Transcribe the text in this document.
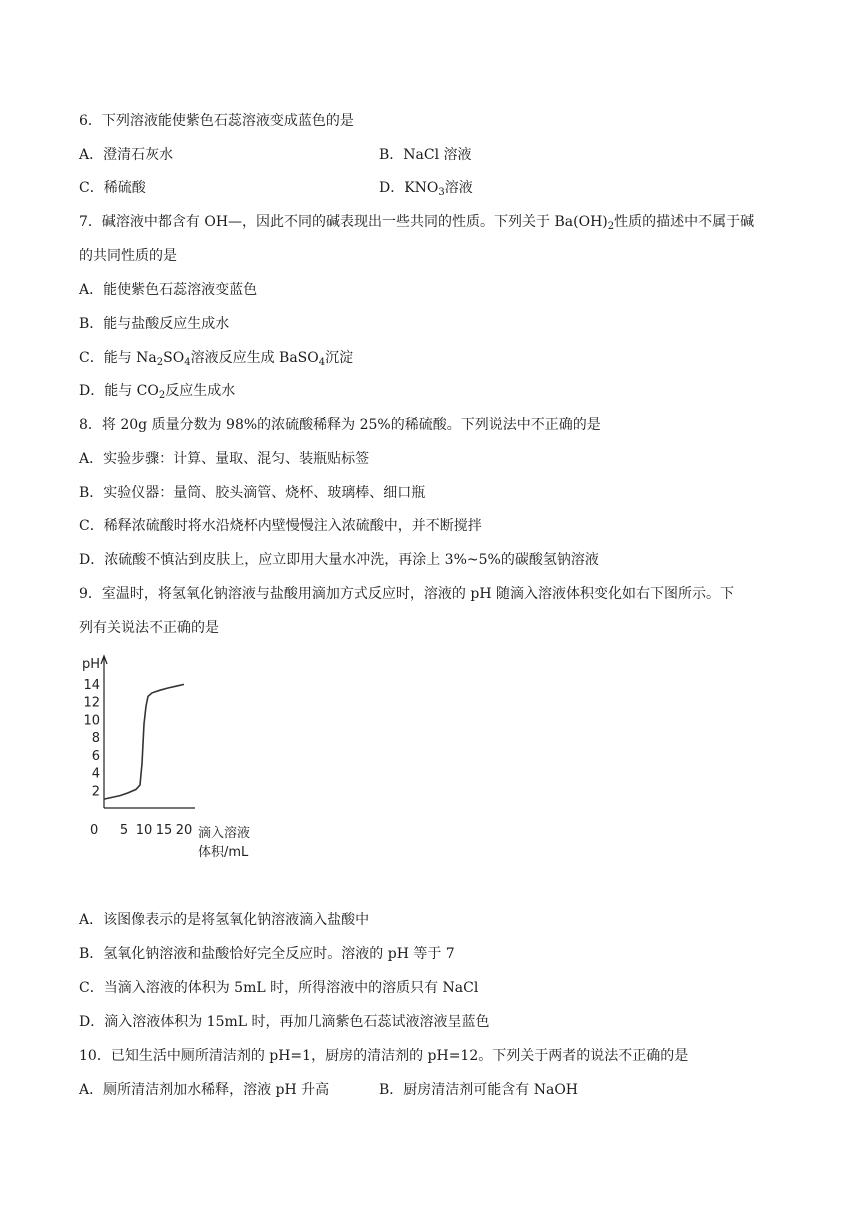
6．下列溶液能使紫色石蕊溶液变成蓝色的是
A．澄清石灰水	B．NaCl 溶液
C．稀硫酸	D．$KNO_3$溶液
7．碱溶液中都含有 OH—，因此不同的碱表现出一些共同的性质。下列关于 $Ba(OH)_2$性质的描述中不属于碱
的共同性质的是
A．能使紫色石蕊溶液变蓝色
B．能与盐酸反应生成水
C．能与 $Na_2SO_4$溶液反应生成 BaSO$_4$沉淀
D．能与 $CO_2$反应生成水
8．将 20g 质量分数为 98%的浓硫酸稀释为 25%的稀硫酸。下列说法中不正确的是
A．实验步骤：计算、量取、混匀、装瓶贴标签
B．实验仪器：量筒、胶头滴管、烧杯、玻璃棒、细口瓶
C．稀释浓硫酸时将水沿烧杯内壁慢慢注入浓硫酸中，并不断搅拌
D．浓硫酸不慎沾到皮肤上，应立即用大量水冲洗，再涂上 3%~5%的碳酸氢钠溶液
9．室温时，将氢氧化钠溶液与盐酸用滴加方式反应时，溶液的 pH 随滴入溶液体积变化如右下图所示。下
列有关说法不正确的是
pH
0
2
4
6
8
10
12
14
5 10 15 20 滴入溶液
体积/mL
A．该图像表示的是将氢氧化钠溶液滴入盐酸中
B．氢氧化钠溶液和盐酸恰好完全反应时。溶液的 pH 等于 7
C．当滴入溶液的体积为 5mL 时，所得溶液中的溶质只有 NaCl
D．滴入溶液体积为 15mL 时，再加几滴紫色石蕊试液溶液呈蓝色
10．已知生活中厕所清洁剂的 pH=1，厨房的清洁剂的 pH=12。下列关于两者的说法不正确的是
A．厕所清洁剂加水稀释，溶液 pH 升高	B．厨房清洁剂可能含有 NaOH
